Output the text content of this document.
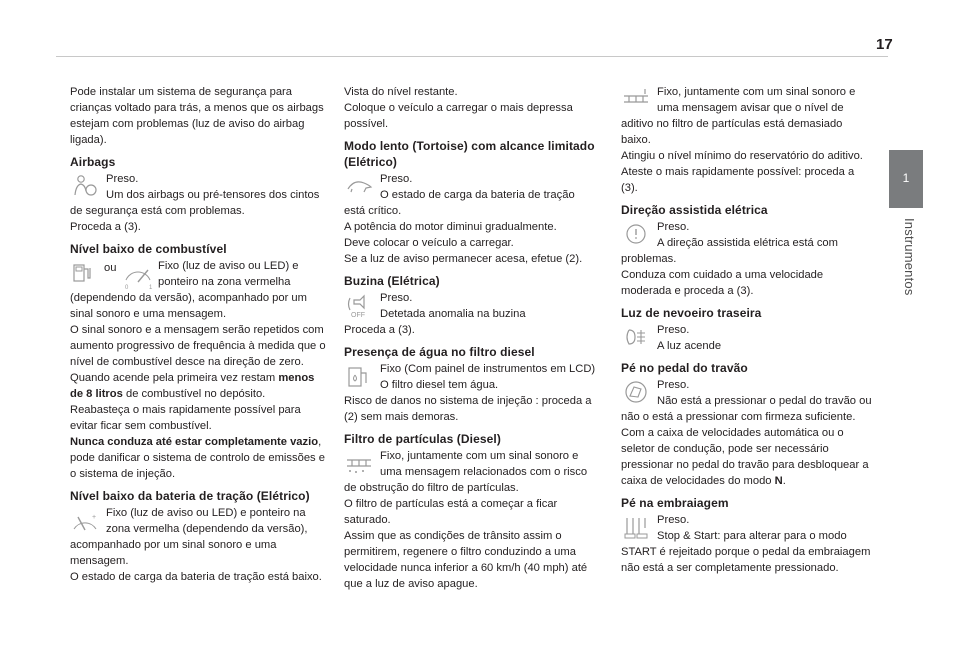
17
1
Instrumentos

Pode instalar um sistema de segurança para crianças voltado para trás, a menos que os airbags estejam com problemas (luz de aviso do airbag ligada).

Airbags

Preso.

Um dos airbags ou pré-tensores dos cintos de segurança está com problemas.

Proceda a (3).

Nível baixo de combustível
ou
0	1

Fixo (luz de aviso ou LED) e ponteiro na zona vermelha (dependendo da versão), acompanhado por um sinal sonoro e uma mensagem.

O sinal sonoro e a mensagem serão repetidos com aumento progressivo de frequência à medida que o nível de combustível desce na direção de zero.

Quando acende pela primeira vez restam menos de 8 litros de combustível no depósito.

Reabasteça o mais rapidamente possível para evitar ficar sem combustível.

Nunca conduza até estar completamente vazio, pode danificar o sistema de controlo de emissões e o sistema de injeção.

Nível baixo da bateria de tração (Elétrico)
+ Fixo (luz de aviso ou LED) e ponteiro na zona vermelha (dependendo da versão), acompanhado por um sinal sonoro e uma mensagem.

O estado de carga da bateria de tração está baixo.

Vista do nível restante.

Coloque o veículo a carregar o mais depressa possível.

Modo lento (Tortoise) com alcance limitado (Elétrico)

Preso.

O estado de carga da bateria de tração está crítico.

A potência do motor diminui gradualmente.

Deve colocar o veículo a carregar.

Se a luz de aviso permanecer acesa, efetue (2).

Buzina (Elétrica)
OFF

Preso.

Detetada anomalia na buzina

Proceda a (3).

Presença de água no filtro diesel

Fixo (Com painel de instrumentos em LCD)

O filtro diesel tem água.

Risco de danos no sistema de injeção : proceda a (2) sem mais demoras.

Filtro de partículas (Diesel)

Fixo, juntamente com um sinal sonoro e uma mensagem relacionados com o risco de obstrução do filtro de partículas.

O filtro de partículas está a começar a ficar saturado.

Assim que as condições de trânsito assim o permitirem, regenere o filtro conduzindo a uma velocidade nunca inferior a 60 km/h (40 mph) até que a luz de aviso apague.

Fixo, juntamente com um sinal sonoro e uma mensagem avisar que o nível de aditivo no filtro de partículas está demasiado baixo.

Atingiu o nível mínimo do reservatório do aditivo.

Ateste o mais rapidamente possível: proceda a (3).

Direção assistida elétrica

Preso.

A direção assistida elétrica está com problemas.

Conduza com cuidado a uma velocidade moderada e proceda a (3).

Luz de nevoeiro traseira

Preso.

A luz acende

Pé no pedal do travão

Preso.

Não está a pressionar o pedal do travão ou não o está a pressionar com firmeza suficiente.

Com a caixa de velocidades automática ou o seletor de condução, pode ser necessário pressionar no pedal do travão para desbloquear a caixa de velocidades do modo N.

Pé na embraiagem

Preso.

Stop & Start: para alterar para o modo START é rejeitado porque o pedal da embraiagem não está a ser completamente pressionado.
